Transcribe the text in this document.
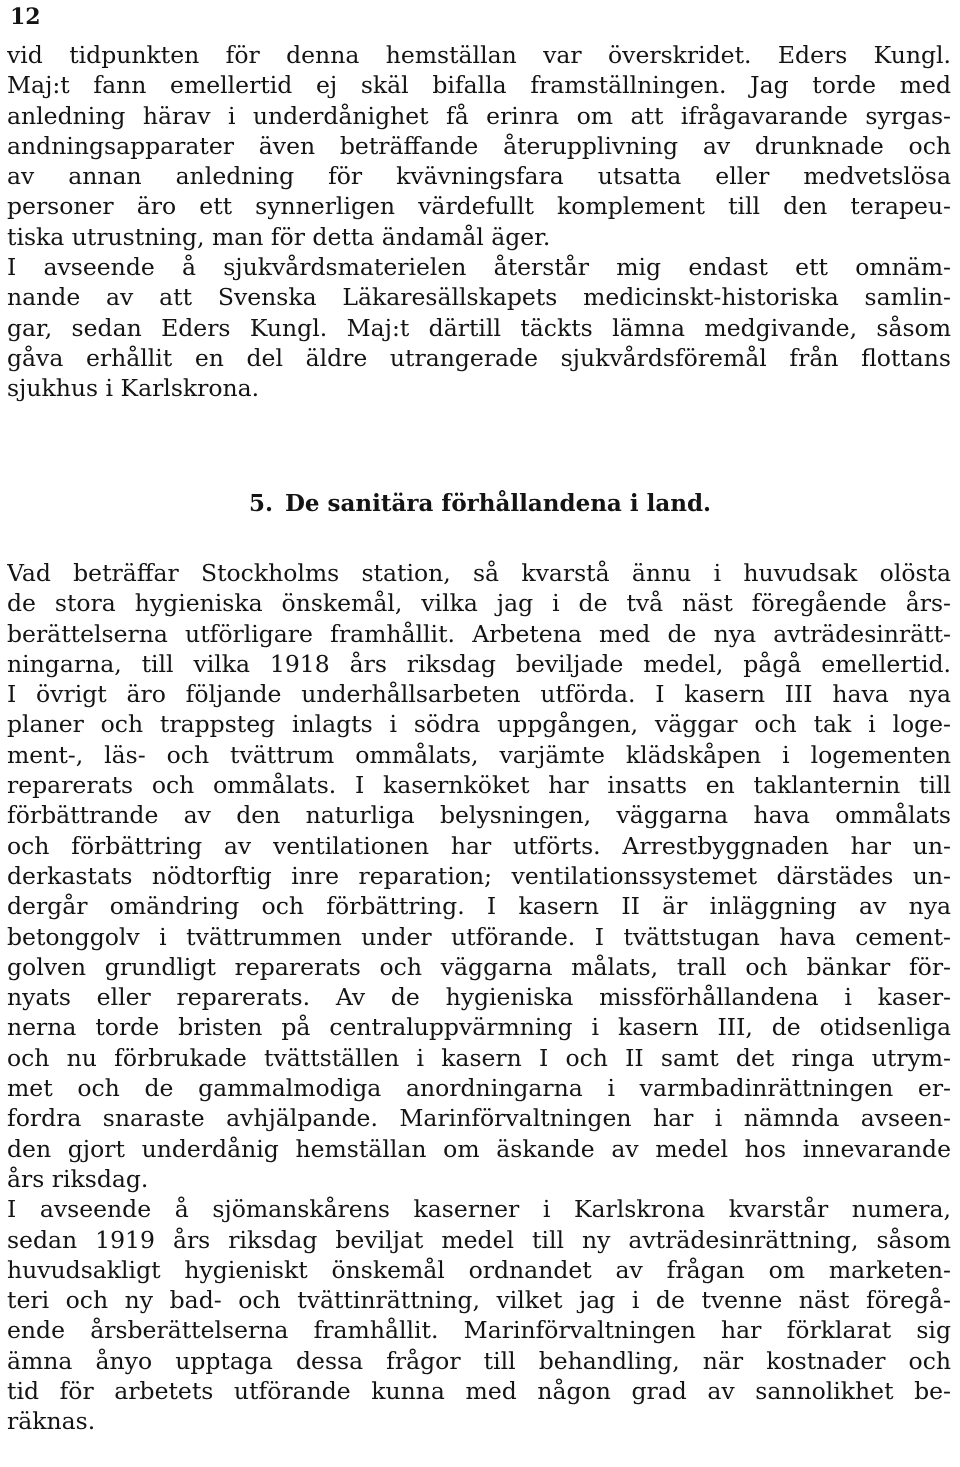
12
vid tidpunkten för denna hemställan var överskridet. Eders Kungl.
Maj:t fann emellertid ej skäl bifalla framställningen. Jag torde med
anledning härav i underdånighet få erinra om att ifrågavarande syrgas-
andningsapparater även beträffande återupplivning av drunknade och
av annan anledning för kvävningsfara utsatta eller medvetslösa
personer äro ett synnerligen värdefullt komplement till den terapeu-
tiska utrustning, man för detta ändamål äger.
I avseende å sjukvårdsmaterielen återstår mig endast ett omnäm-
nande av att Svenska Läkaresällskapets medicinskt-historiska samlin-
gar, sedan Eders Kungl. Maj:t därtill täckts lämna medgivande, såsom
gåva erhållit en del äldre utrangerade sjukvårdsföremål från flottans
sjukhus i Karlskrona.
5. De sanitära förhållandena i land.
Vad beträffar Stockholms station, så kvarstå ännu i huvudsak olösta
de stora hygieniska önskemål, vilka jag i de två näst föregående års-
berättelserna utförligare framhållit. Arbetena med de nya avträdesinrätt-
ningarna, till vilka 1918 års riksdag beviljade medel, pågå emellertid.
I övrigt äro följande underhållsarbeten utförda. I kasern III hava nya
planer och trappsteg inlagts i södra uppgången, väggar och tak i loge-
ment-, läs- och tvättrum ommålats, varjämte klädskåpen i logementen
reparerats och ommålats. I kasernköket har insatts en taklanternin till
förbättrande av den naturliga belysningen, väggarna hava ommålats
och förbättring av ventilationen har utförts. Arrestbyggnaden har un-
derkastats nödtorftig inre reparation; ventilationssystemet därstädes un-
dergår omändring och förbättring. I kasern II är inläggning av nya
betonggolv i tvättrummen under utförande. I tvättstugan hava cement-
golven grundligt reparerats och väggarna målats, trall och bänkar för-
nyats eller reparerats. Av de hygieniska missförhållandena i kaser-
nerna torde bristen på centraluppvärmning i kasern III, de otidsenliga
och nu förbrukade tvättställen i kasern I och II samt det ringa utrym-
met och de gammalmodiga anordningarna i varmbadinrättningen er-
fordra snaraste avhjälpande. Marinförvaltningen har i nämnda avseen-
den gjort underdånig hemställan om äskande av medel hos innevarande
års riksdag.
I avseende å sjömanskårens kaserner i Karlskrona kvarstår numera,
sedan 1919 års riksdag beviljat medel till ny avträdesinrättning, såsom
huvudsakligt hygieniskt önskemål ordnandet av frågan om marketen-
teri och ny bad- och tvättinrättning, vilket jag i de tvenne näst föregå-
ende årsberättelserna framhållit. Marinförvaltningen har förklarat sig
ämna ånyo upptaga dessa frågor till behandling, när kostnader och
tid för arbetets utförande kunna med någon grad av sannolikhet be-
räknas.
